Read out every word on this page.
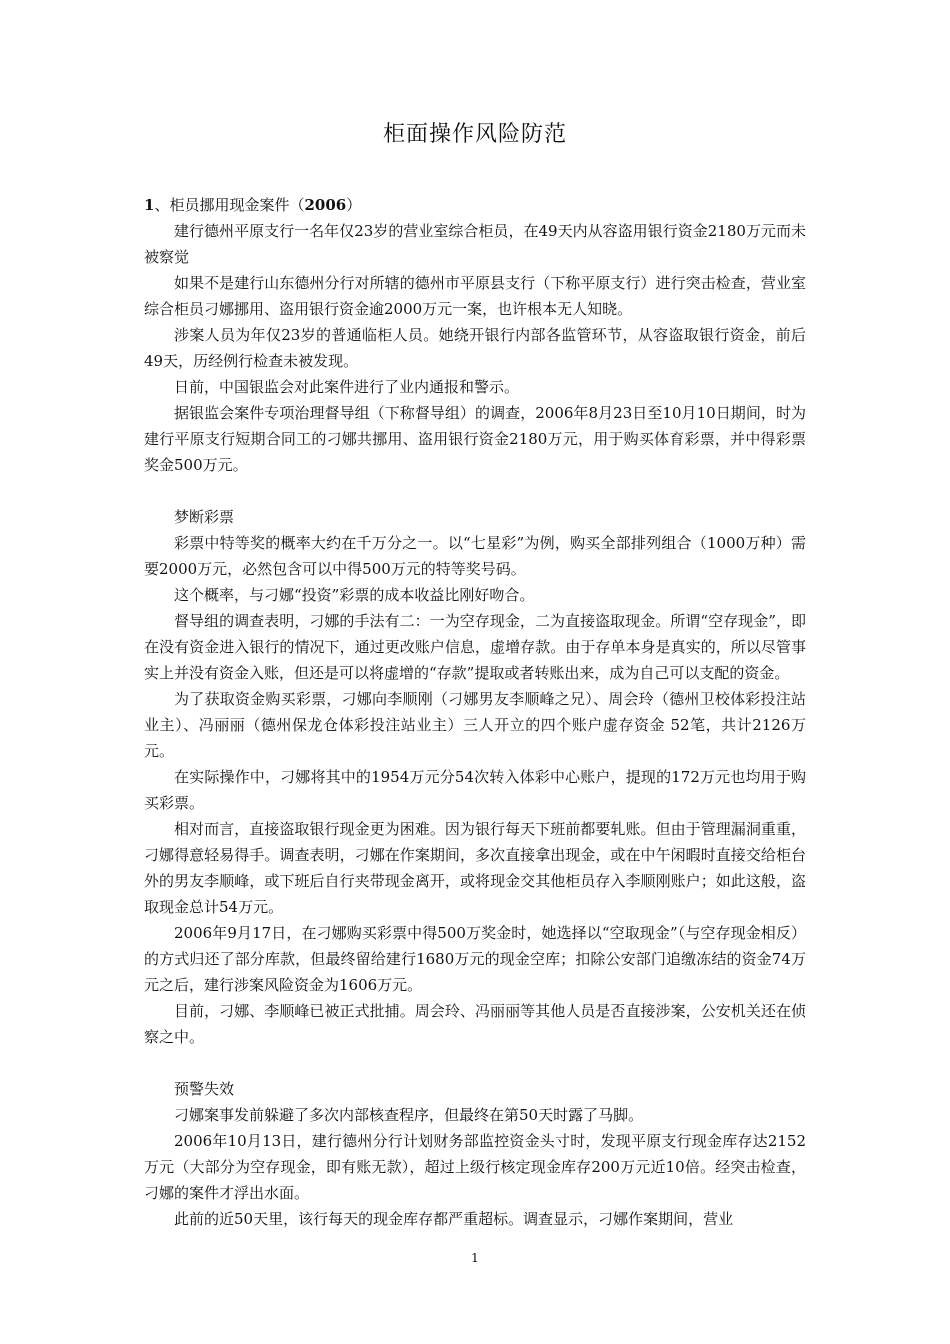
柜面操作风险防范

1、柜员挪用现金案件（2006）

建行德州平原支行一名年仅23岁的营业室综合柜员，在49天内从容盗用银行资金2180万元而未被察觉

如果不是建行山东德州分行对所辖的德州市平原县支行（下称平原支行）进行突击检查，营业室综合柜员刁娜挪用、盗用银行资金逾2000万元一案，也许根本无人知晓。

涉案人员为年仅23岁的普通临柜人员。她绕开银行内部各监管环节，从容盗取银行资金，前后49天，历经例行检查未被发现。

日前，中国银监会对此案件进行了业内通报和警示。

据银监会案件专项治理督导组（下称督导组）的调查，2006年8月23日至10月10日期间，时为建行平原支行短期合同工的刁娜共挪用、盗用银行资金2180万元，用于购买体育彩票，并中得彩票奖金500万元。

梦断彩票

彩票中特等奖的概率大约在千万分之一。以“七星彩”为例，购买全部排列组合（1000万种）需要2000万元，必然包含可以中得500万元的特等奖号码。

这个概率，与刁娜“投资”彩票的成本收益比刚好吻合。

督导组的调查表明，刁娜的手法有二：一为空存现金，二为直接盗取现金。所谓“空存现金”，即在没有资金进入银行的情况下，通过更改账户信息，虚增存款。由于存单本身是真实的，所以尽管事实上并没有资金入账，但还是可以将虚增的“存款”提取或者转账出来，成为自己可以支配的资金。

为了获取资金购买彩票，刁娜向李顺刚（刁娜男友李顺峰之兄）、周会玲（德州卫校体彩投注站业主）、冯丽丽（德州保龙仓体彩投注站业主）三人开立的四个账户虚存资金 52笔，共计2126万元。

在实际操作中，刁娜将其中的1954万元分54次转入体彩中心账户，提现的172万元也均用于购买彩票。

相对而言，直接盗取银行现金更为困难。因为银行每天下班前都要轧账。但由于管理漏洞重重，刁娜得意轻易得手。调查表明，刁娜在作案期间，多次直接拿出现金，或在中午闲暇时直接交给柜台外的男友李顺峰，或下班后自行夹带现金离开，或将现金交其他柜员存入李顺刚账户；如此这般，盗取现金总计54万元。

2006年9月17日，在刁娜购买彩票中得500万奖金时，她选择以“空取现金”（与空存现金相反）的方式归还了部分库款，但最终留给建行1680万元的现金空库；扣除公安部门追缴冻结的资金74万元之后，建行涉案风险资金为1606万元。

目前，刁娜、李顺峰已被正式批捕。周会玲、冯丽丽等其他人员是否直接涉案，公安机关还在侦察之中。

预警失效

刁娜案事发前躲避了多次内部核查程序，但最终在第50天时露了马脚。

2006年10月13日，建行德州分行计划财务部监控资金头寸时，发现平原支行现金库存达2152万元（大部分为空存现金，即有账无款），超过上级行核定现金库存200万元近10倍。经突击检查，刁娜的案件才浮出水面。

此前的近50天里，该行每天的现金库存都严重超标。调查显示，刁娜作案期间，营业

1
